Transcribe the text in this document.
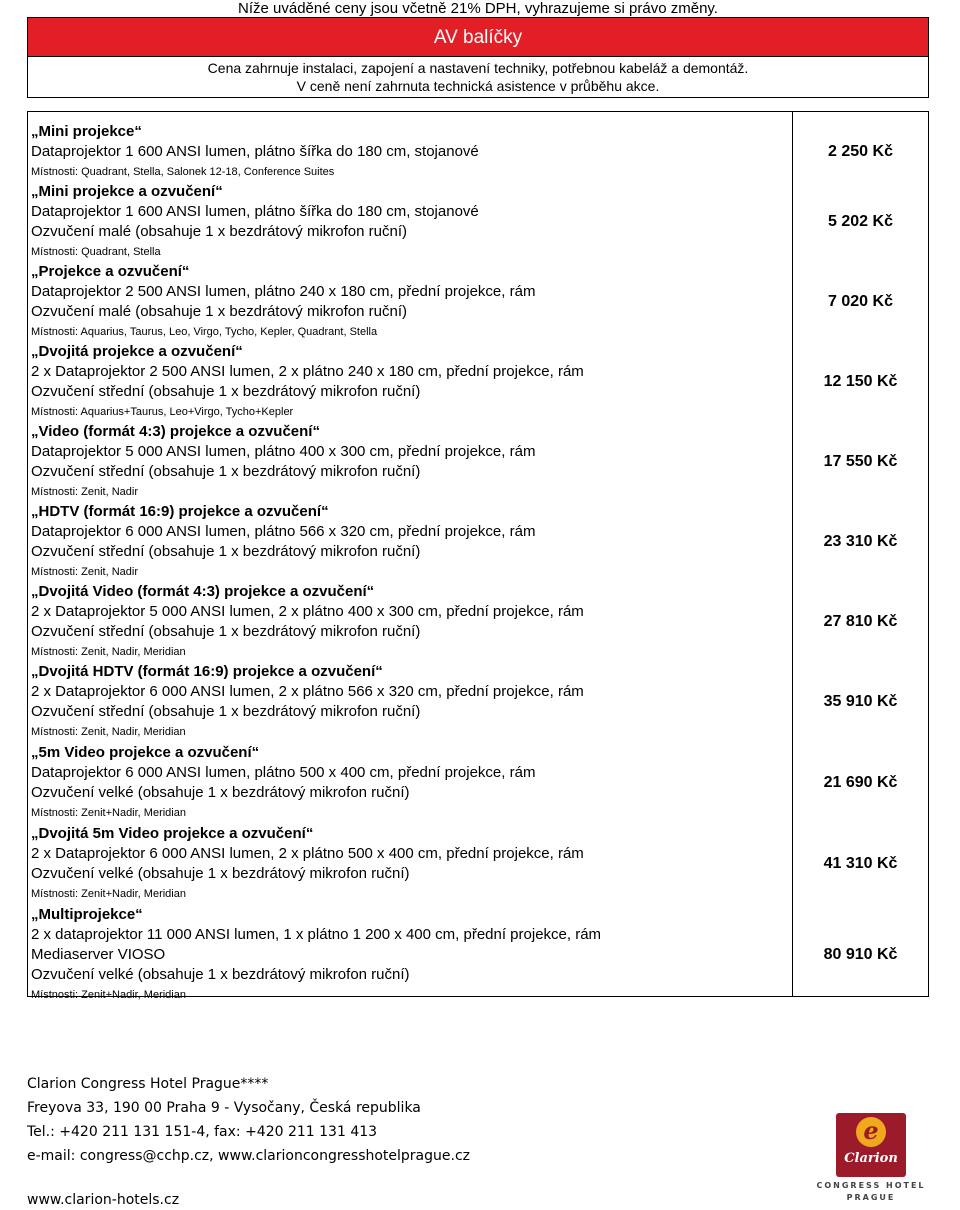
Níže uváděné ceny jsou včetně 21% DPH, vyhrazujeme si právo změny.
AV balíčky
Cena zahrnuje instalaci, zapojení a nastavení techniky, potřebnou kabeláž a demontáž.
V ceně není zahrnuta technická asistence v průběhu akce.
„Mini projekce“
Dataprojektor 1 600 ANSI lumen, plátno šířka do 180 cm, stojanové
Místnosti: Quadrant, Stella, Salonek 12-18, Conference Suites
2 250 Kč
„Mini projekce a ozvučení“
Dataprojektor 1 600 ANSI lumen, plátno šířka do 180 cm, stojanové
Ozvučení malé (obsahuje 1 x bezdrátový mikrofon ruční)
Místnosti: Quadrant, Stella
5 202 Kč
„Projekce a ozvučení“
Dataprojektor 2 500 ANSI lumen, plátno 240 x 180 cm, přední projekce, rám
Ozvučení malé (obsahuje 1 x bezdrátový mikrofon ruční)
Místnosti: Aquarius, Taurus, Leo, Virgo, Tycho, Kepler, Quadrant, Stella
7 020 Kč
„Dvojitá projekce a ozvučení“
2 x Dataprojektor 2 500 ANSI lumen, 2 x plátno 240 x 180 cm, přední projekce, rám
Ozvučení střední (obsahuje 1 x bezdrátový mikrofon ruční)
Místnosti: Aquarius+Taurus, Leo+Virgo, Tycho+Kepler
12 150 Kč
„Video (formát 4:3) projekce a ozvučení“
Dataprojektor 5 000 ANSI lumen, plátno 400 x 300 cm, přední projekce, rám
Ozvučení střední (obsahuje 1 x bezdrátový mikrofon ruční)
Místnosti: Zenit, Nadir
17 550 Kč
„HDTV (formát 16:9) projekce a ozvučení“
Dataprojektor 6 000 ANSI lumen, plátno 566 x 320 cm, přední projekce, rám
Ozvučení střední (obsahuje 1 x bezdrátový mikrofon ruční)
Místnosti: Zenit, Nadir
23 310 Kč
„Dvojitá Video (formát 4:3) projekce a ozvučení“
2 x Dataprojektor 5 000 ANSI lumen, 2 x plátno 400 x 300 cm, přední projekce, rám
Ozvučení střední (obsahuje 1 x bezdrátový mikrofon ruční)
Místnosti: Zenit, Nadir, Meridian
27 810 Kč
„Dvojitá HDTV (formát 16:9) projekce a ozvučení“
2 x Dataprojektor 6 000 ANSI lumen, 2 x plátno 566 x 320 cm, přední projekce, rám
Ozvučení střední (obsahuje 1 x bezdrátový mikrofon ruční)
Místnosti: Zenit, Nadir, Meridian
35 910 Kč
„5m Video projekce a ozvučení“
Dataprojektor 6 000 ANSI lumen, plátno 500 x 400 cm, přední projekce, rám
Ozvučení velké (obsahuje 1 x bezdrátový mikrofon ruční)
Místnosti: Zenit+Nadir, Meridian
21 690 Kč
„Dvojitá 5m Video projekce a ozvučení“
2 x Dataprojektor 6 000 ANSI lumen, 2 x plátno 500 x 400 cm, přední projekce, rám
Ozvučení velké (obsahuje 1 x bezdrátový mikrofon ruční)
Místnosti: Zenit+Nadir, Meridian
41 310 Kč
„Multiprojekce“
2 x dataprojektor 11 000 ANSI lumen, 1 x plátno 1 200 x 400 cm, přední projekce, rám
Mediaserver VIOSO
Ozvučení velké (obsahuje 1 x bezdrátový mikrofon ruční)
Místnosti: Zenit+Nadir, Meridian
80 910 Kč
Clarion Congress Hotel Prague****
Freyova 33, 190 00 Praha 9 - Vysočany, Česká republika
Tel.: +420 211 131 151-4, fax: +420 211 131 413
e-mail: congress@cchp.cz, www.clarioncongresshotelprague.cz
www.clarion-hotels.cz
e
Clarion
CONGRESS HOTEL
PRAGUE
